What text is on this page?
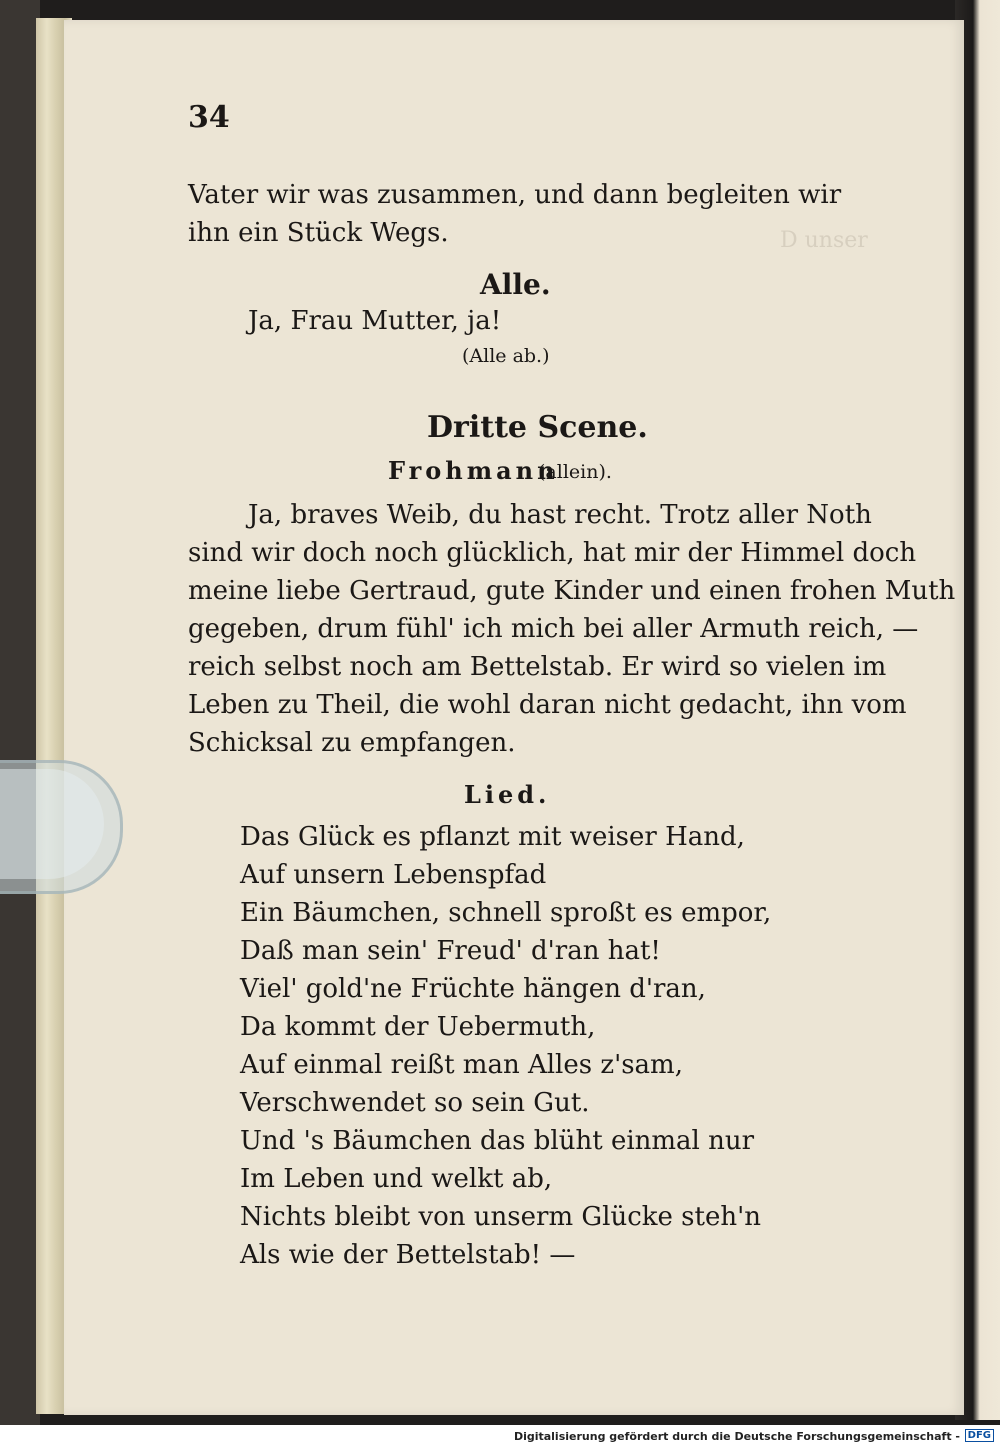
D unser
34
Vater wir was zusammen, und dann begleiten wir
ihn ein Stück Wegs.
Alle.
Ja, Frau Mutter, ja!
(Alle ab.)
Dritte Scene.
Frohmann
(allein).
Ja, braves Weib, du hast recht. Trotz aller Noth
sind wir doch noch glücklich, hat mir der Himmel doch
meine liebe Gertraud, gute Kinder und einen frohen Muth
gegeben, drum fühl' ich mich bei aller Armuth reich, —
reich selbst noch am Bettelstab. Er wird so vielen im
Leben zu Theil, die wohl daran nicht gedacht, ihn vom
Schicksal zu empfangen.
Lied.
Das Glück es pflanzt mit weiser Hand,
Auf unsern Lebenspfad
Ein Bäumchen, schnell sproßt es empor,
Daß man sein' Freud' d'ran hat!
Viel' gold'ne Früchte hängen d'ran,
Da kommt der Uebermuth,
Auf einmal reißt man Alles z'sam,
Verschwendet so sein Gut.
Und 's Bäumchen das blüht einmal nur
Im Leben und welkt ab,
Nichts bleibt von unserm Glücke steh'n
Als wie der Bettelstab! —
Digitalisierung gefördert durch die Deutsche Forschungsgemeinschaft - DFG
